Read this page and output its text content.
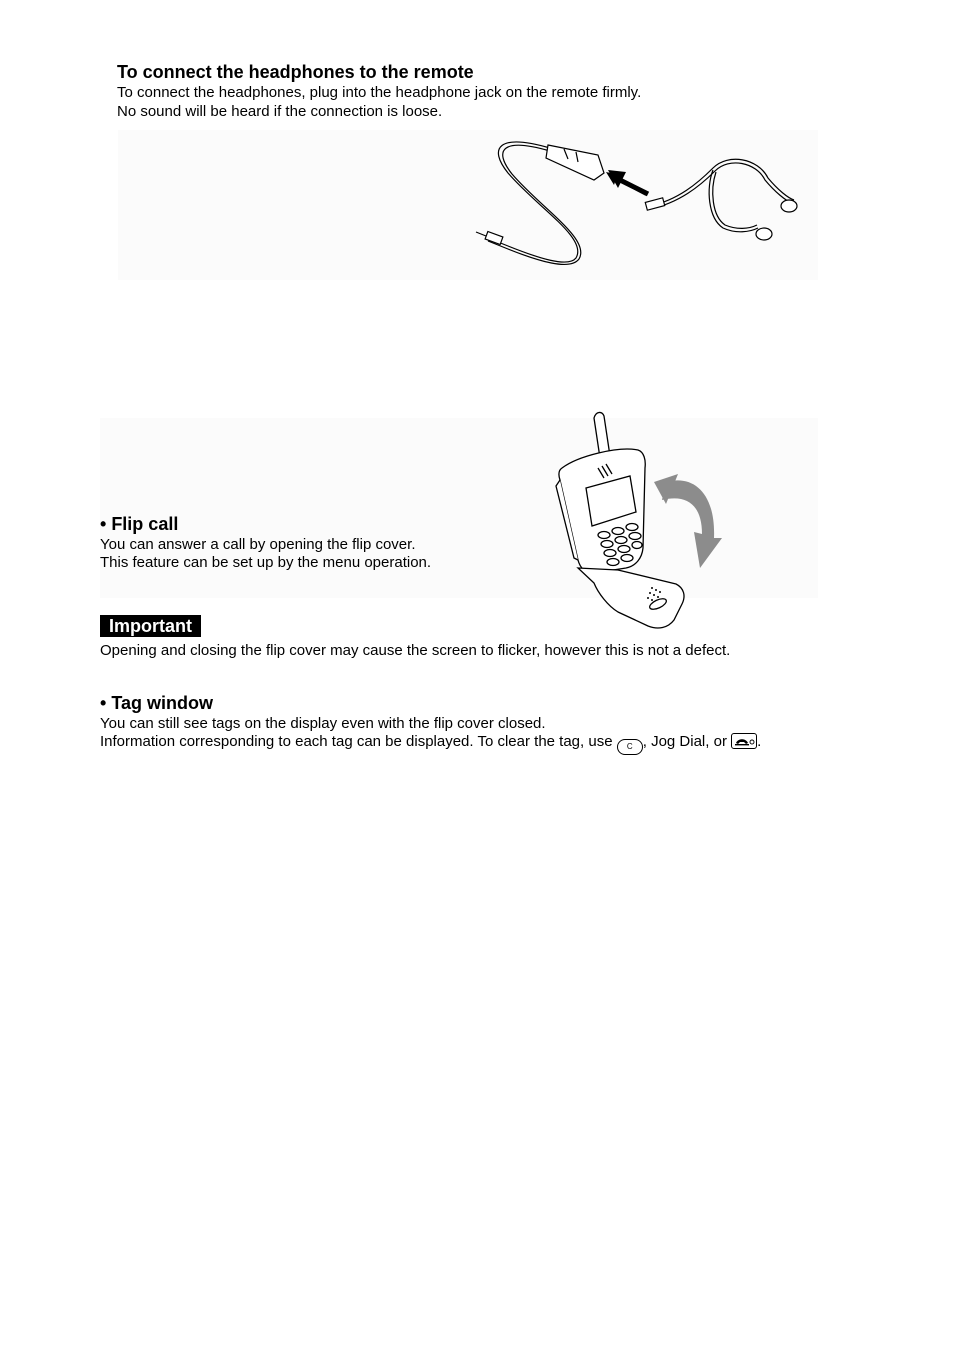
To connect the headphones to the remote
To connect the headphones, plug into the headphone jack on the remote firmly.
No sound will be heard if the connection is loose.
• Flip call
You can answer a call by opening the flip cover.
This feature can be set up by the menu operation.
Important
Opening and closing the flip cover may cause the screen to flicker, however this is not a defect.
• Tag window
You can still see tags on the display even with the flip cover closed.
Information corresponding to each tag can be displayed. To clear the tag, use C , Jog Dial, or .
